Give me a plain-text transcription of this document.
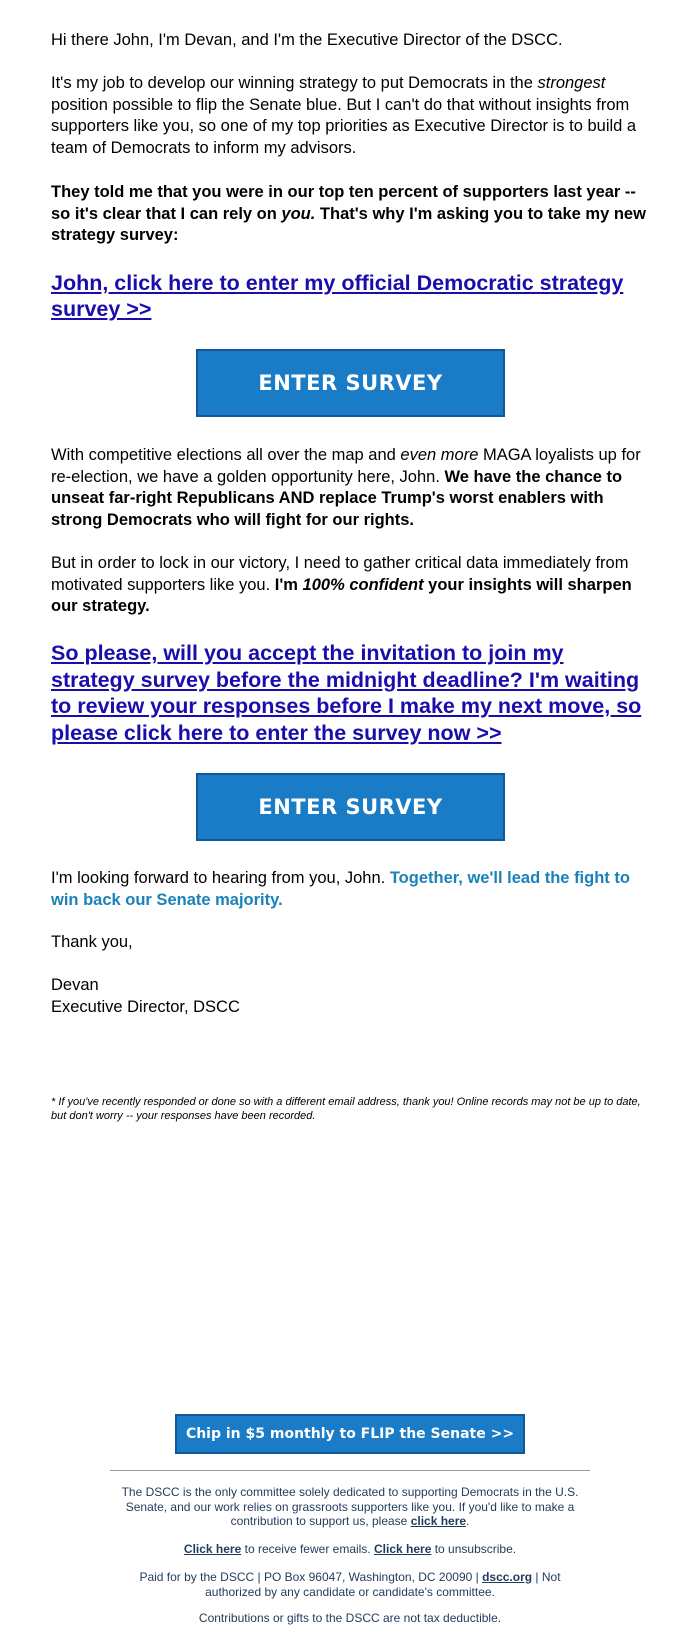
Hi there John, I'm Devan, and I'm the Executive Director of the DSCC.

It's my job to develop our winning strategy to put Democrats in the strongest position possible to flip the Senate blue. But I can't do that without insights from supporters like you, so one of my top priorities as Executive Director is to build a team of Democrats to inform my advisors.

They told me that you were in our top ten percent of supporters last year -- so it's clear that I can rely on you. That's why I'm asking you to take my new strategy survey:

John, click here to enter my official Democratic strategy survey >>
ENTER SURVEY

With competitive elections all over the map and even more MAGA loyalists up for re-election, we have a golden opportunity here, John. We have the chance to unseat far-right Republicans AND replace Trump's worst enablers with strong Democrats who will fight for our rights.

But in order to lock in our victory, I need to gather critical data immediately from motivated supporters like you. I'm 100% confident your insights will sharpen our strategy.

So please, will you accept the invitation to join my strategy survey before the midnight deadline? I'm waiting to review your responses before I make my next move, so please click here to enter the survey now >>
ENTER SURVEY

I'm looking forward to hearing from you, John. Together, we'll lead the fight to win back our Senate majority.

Thank you,

Devan
Executive Director, DSCC

* If you've recently responded or done so with a different email address, thank you! Online records may not be up to date, but don't worry -- your responses have been recorded.

Chip in $5 monthly to FLIP the Senate >>
The DSCC is the only committee solely dedicated to supporting Democrats in the U.S. Senate, and our work relies on grassroots supporters like you. If you'd like to make a contribution to support us, please click here.
Click here to receive fewer emails. Click here to unsubscribe.
Paid for by the DSCC | PO Box 96047, Washington, DC 20090 | dscc.org | Not authorized by any candidate or candidate's committee.
Contributions or gifts to the DSCC are not tax deductible.
